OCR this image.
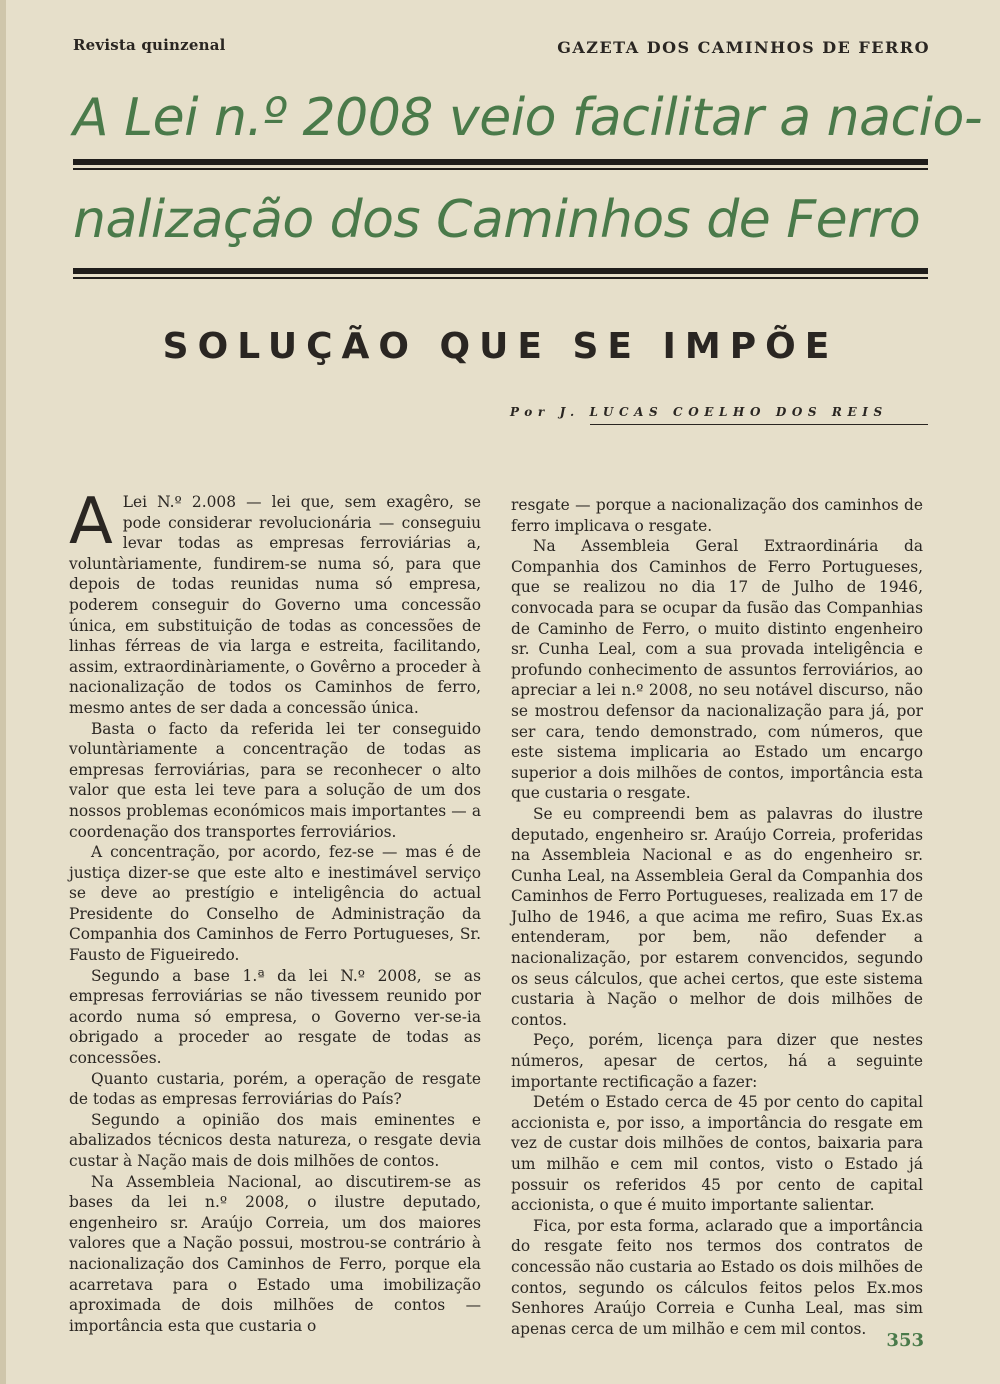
Revista quinzenal	GAZETA DOS CAMINHOS DE FERRO
A Lei n.º 2008 veio facilitar a nacio-
nalização dos Caminhos de Ferro
SOLUÇÃO QUE SE IMPÕE
Por J. LUCAS COELHO DOS REIS

A Lei N.º 2.008 — lei que, sem exagêro, se pode considerar revolucionária — conseguiu levar todas as empresas ferroviárias a, voluntàriamente, fundirem-se numa só, para que depois de todas reunidas numa só empresa, poderem conseguir do Governo uma concessão única, em substituição de todas as concessões de linhas férreas de via larga e estreita, facilitando, assim, extraordinàriamente, o Govêrno a proceder à nacionalização de todos os Caminhos de ferro, mesmo antes de ser dada a concessão única.

Basta o facto da referida lei ter conseguido voluntàriamente a concentração de todas as empresas ferroviárias, para se reconhecer o alto valor que esta lei teve para a solução de um dos nossos problemas económicos mais importantes — a coordenação dos transportes ferroviários.

A concentração, por acordo, fez-se — mas é de justiça dizer-se que este alto e inestimável serviço se deve ao prestígio e inteligência do actual Presidente do Conselho de Administração da Companhia dos Caminhos de Ferro Portugueses, Sr. Fausto de Figueiredo.

Segundo a base 1.ª da lei N.º 2008, se as empresas ferroviárias se não tivessem reunido por acordo numa só empresa, o Governo ver-se-ia obrigado a proceder ao resgate de todas as concessões.

Quanto custaria, porém, a operação de resgate de todas as empresas ferroviárias do País?

Segundo a opinião dos mais eminentes e abalizados técnicos desta natureza, o resgate devia custar à Nação mais de dois milhões de contos.

Na Assembleia Nacional, ao discutirem-se as bases da lei n.º 2008, o ilustre deputado, engenheiro sr. Araújo Correia, um dos maiores valores que a Nação possui, mostrou-se contrário à nacionalização dos Caminhos de Ferro, porque ela acarretava para o Estado uma imobilização aproximada de dois milhões de contos — importância esta que custaria o

resgate — porque a nacionalização dos caminhos de ferro implicava o resgate.

Na Assembleia Geral Extraordinária da Companhia dos Caminhos de Ferro Portugueses, que se realizou no dia 17 de Julho de 1946, convocada para se ocupar da fusão das Companhias de Caminho de Ferro, o muito distinto engenheiro sr. Cunha Leal, com a sua provada inteligência e profundo conhecimento de assuntos ferroviários, ao apreciar a lei n.º 2008, no seu notável discurso, não se mostrou defensor da nacionalização para já, por ser cara, tendo demonstrado, com números, que este sistema implicaria ao Estado um encargo superior a dois milhões de contos, importância esta que custaria o resgate.

Se eu compreendi bem as palavras do ilustre deputado, engenheiro sr. Araújo Correia, proferidas na Assembleia Nacional e as do engenheiro sr. Cunha Leal, na Assembleia Geral da Companhia dos Caminhos de Ferro Portugueses, realizada em 17 de Julho de 1946, a que acima me refiro, Suas Ex.as entenderam, por bem, não defender a nacionalização, por estarem convencidos, segundo os seus cálculos, que achei certos, que este sistema custaria à Nação o melhor de dois milhões de contos.

Peço, porém, licença para dizer que nestes números, apesar de certos, há a seguinte importante rectificação a fazer:

Detém o Estado cerca de 45 por cento do capital accionista e, por isso, a importância do resgate em vez de custar dois milhões de contos, baixaria para um milhão e cem mil contos, visto o Estado já possuir os referidos 45 por cento de capital accionista, o que é muito importante salientar.

Fica, por esta forma, aclarado que a importância do resgate feito nos termos dos contratos de concessão não custaria ao Estado os dois milhões de contos, segundo os cálculos feitos pelos Ex.mos Senhores Araújo Correia e Cunha Leal, mas sim apenas cerca de um milhão e cem mil contos.

353
